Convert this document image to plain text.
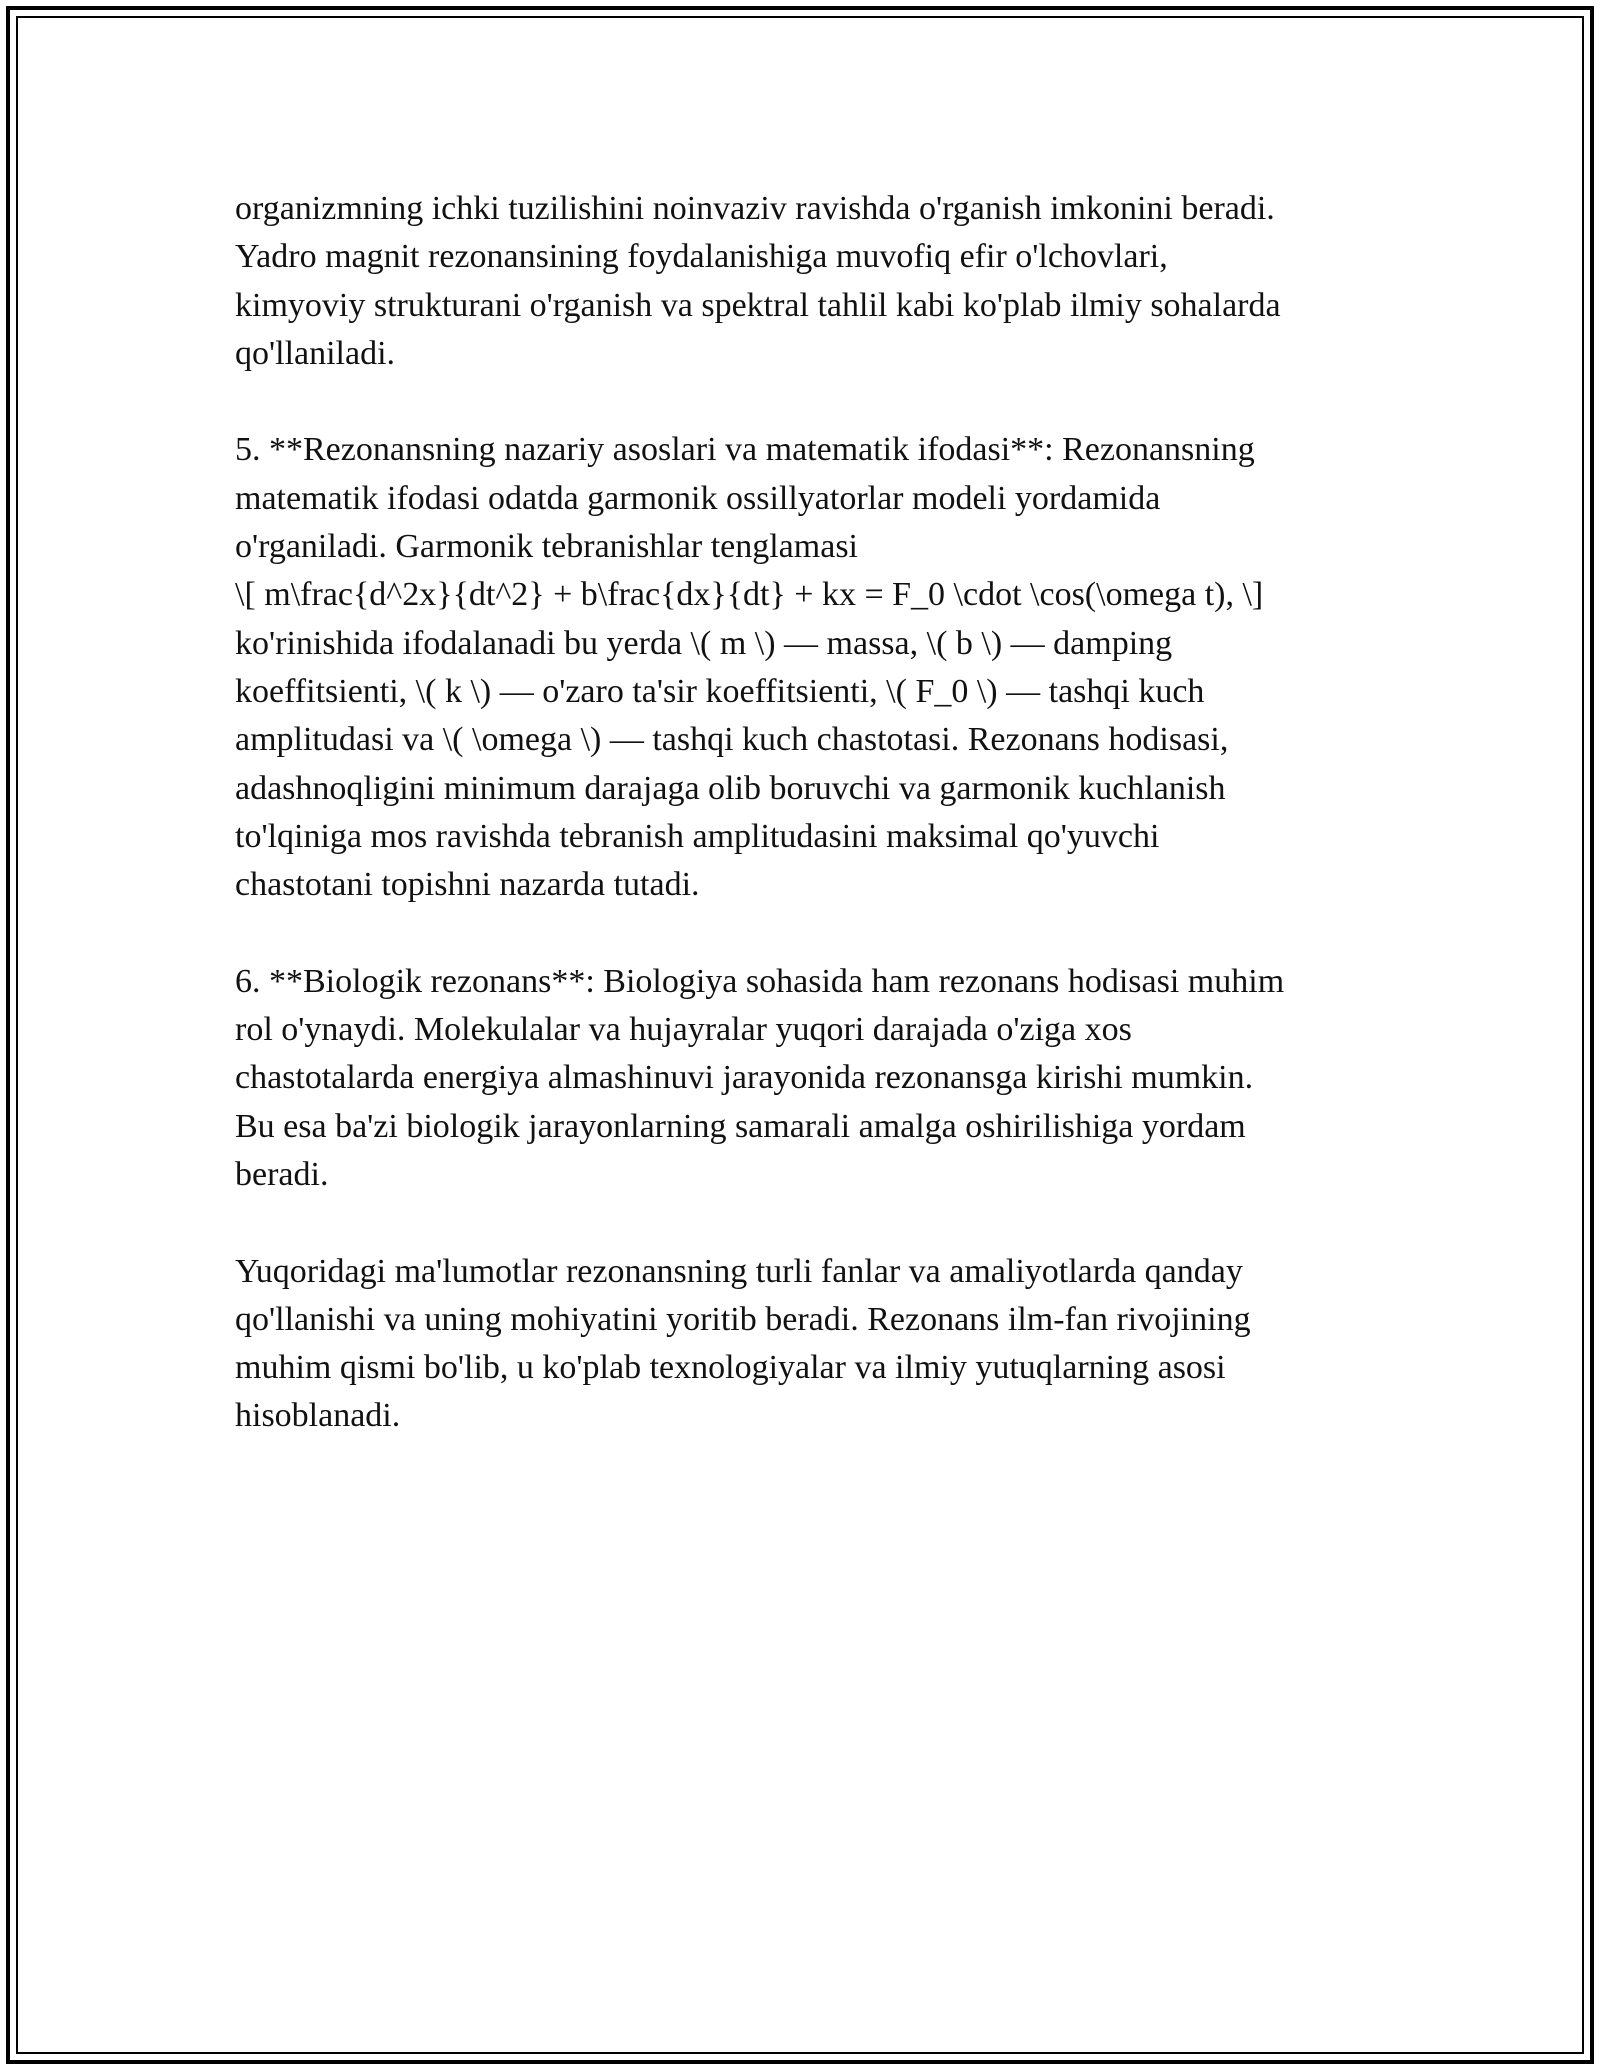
organizmning ichki tuzilishini noinvaziv ravishda o'rganish imkonini beradi.
Yadro magnit rezonansining foydalanishiga muvofiq efir o'lchovlari,
kimyoviy strukturani o'rganish va spektral tahlil kabi ko'plab ilmiy sohalarda
qo'llaniladi.

5. **Rezonansning nazariy asoslari va matematik ifodasi**: Rezonansning
matematik ifodasi odatda garmonik ossillyatorlar modeli yordamida
o'rganiladi. Garmonik tebranishlar tenglamasi
\[ m\frac{d^2x}{dt^2} + b\frac{dx}{dt} + kx = F_0 \cdot \cos(\omega t), \]
ko'rinishida ifodalanadi bu yerda \( m \) — massa, \( b \) — damping
koeffitsienti, \( k \) — o'zaro ta'sir koeffitsienti, \( F_0 \) — tashqi kuch
amplitudasi va \( \omega \) — tashqi kuch chastotasi. Rezonans hodisasi,
adashnoqligini minimum darajaga olib boruvchi va garmonik kuchlanish
to'lqiniga mos ravishda tebranish amplitudasini maksimal qo'yuvchi
chastotani topishni nazarda tutadi.

6. **Biologik rezonans**: Biologiya sohasida ham rezonans hodisasi muhim
rol o'ynaydi. Molekulalar va hujayralar yuqori darajada o'ziga xos
chastotalarda energiya almashinuvi jarayonida rezonansga kirishi mumkin.
Bu esa ba'zi biologik jarayonlarning samarali amalga oshirilishiga yordam
beradi.

Yuqoridagi ma'lumotlar rezonansning turli fanlar va amaliyotlarda qanday
qo'llanishi va uning mohiyatini yoritib beradi. Rezonans ilm-fan rivojining
muhim qismi bo'lib, u ko'plab texnologiyalar va ilmiy yutuqlarning asosi
hisoblanadi.
